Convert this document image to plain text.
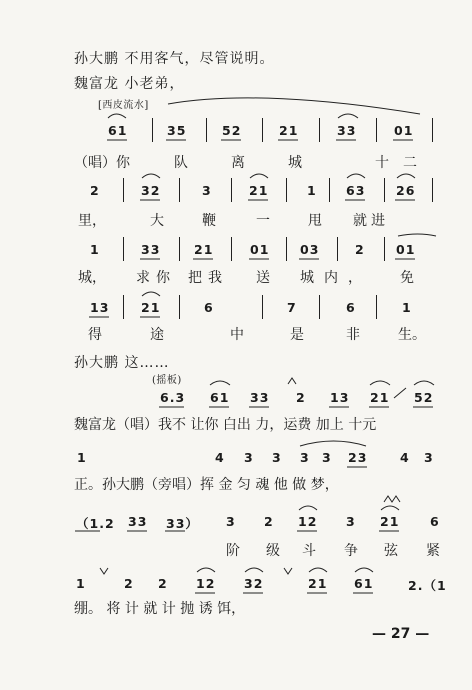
孙大鹏 不用客气，尽管说明。
魏富龙 小老弟，
[西皮流水]
61	35	52	21	33	01
（唱）你	队	离	城	十二
2	32	3	21	1 63 26
里，	大	鞭	一	甩 就进
1	33	21	01 03	2	01
城， 求你 把我 送 城内， 免
13	21	6	7	6	1
得	途	中	是	非	生。
孙大鹏 这……
(摇板)
6.3 61 33 2 13 21 52
魏富龙（唱）我不 让你 白出 力，运费 加上 十元
1	4 3 3 3 3 23	4 3
正。孙大鹏（旁唱）挥 金 匀 魂 他 做 梦，
（1.2 33 33） 3 2 12 3 21 6
阶 级 斗 争 弦 紧
1	2 2 12 32	21 61	2.（1
绷。 将 计 就 计 抛 诱 饵，
— 27 —
